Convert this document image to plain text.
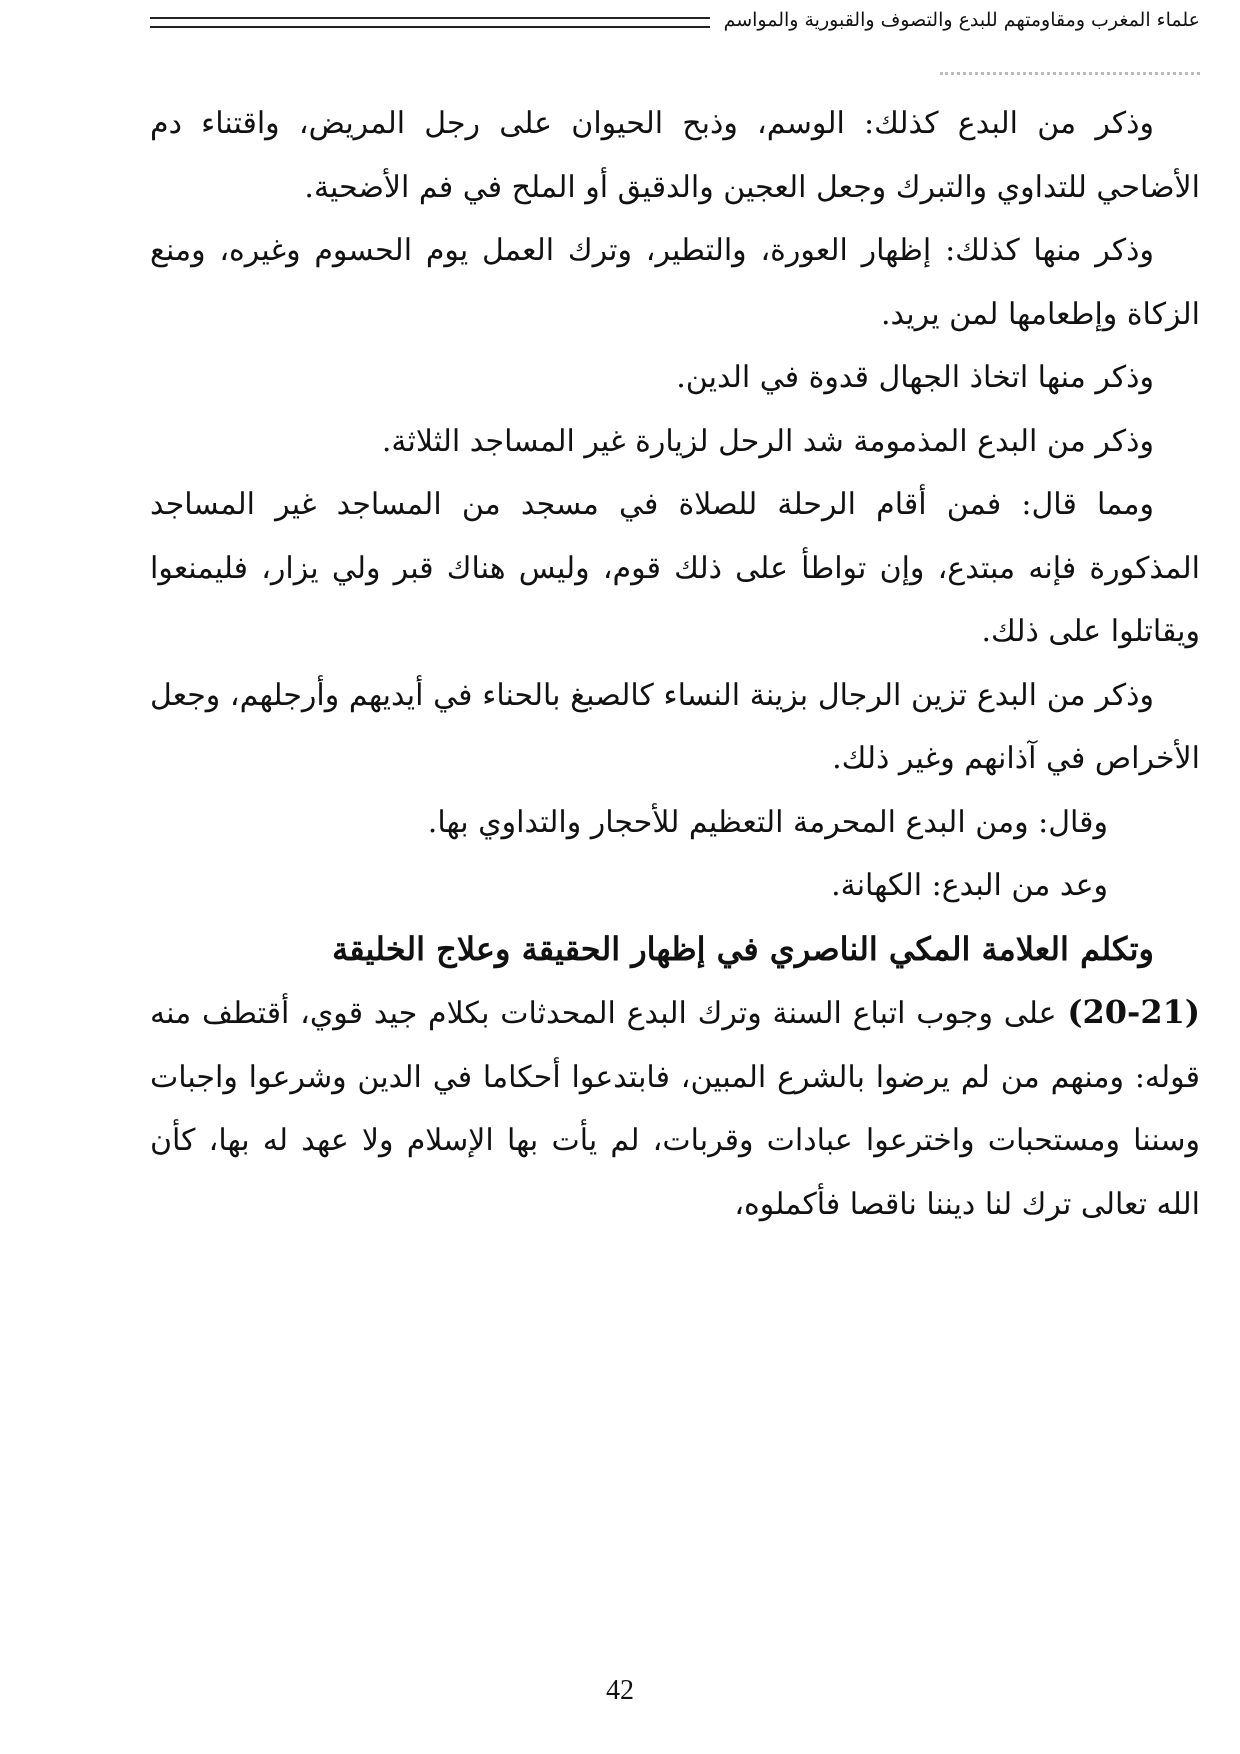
علماء المغرب ومقاومتهم للبدع والتصوف والقبورية والمواسم

وذكر من البدع كذلك: الوسم، وذبح الحيوان على رجل المريض، واقتناء دم الأضاحي للتداوي والتبرك وجعل العجين والدقيق أو الملح في فم الأضحية.

وذكر منها كذلك: إظهار العورة، والتطير، وترك العمل يوم الحسوم وغيره، ومنع الزكاة وإطعامها لمن يريد.

وذكر منها اتخاذ الجهال قدوة في الدين.

وذكر من البدع المذمومة شد الرحل لزيارة غير المساجد الثلاثة.

ومما قال: فمن أقام الرحلة للصلاة في مسجد من المساجد غير المساجد المذكورة فإنه مبتدع، وإن تواطأ على ذلك قوم، وليس هناك قبر ولي يزار، فليمنعوا ويقاتلوا على ذلك.

وذكر من البدع تزين الرجال بزينة النساء كالصبغ بالحناء في أيديهم وأرجلهم، وجعل الأخراص في آذانهم وغير ذلك.

وقال: ومن البدع المحرمة التعظيم للأحجار والتداوي بها.

وعد من البدع: الكهانة.

وتكلم العلامة المكي الناصري في إظهار الحقيقة وعلاج الخليقة

(20-21) على وجوب اتباع السنة وترك البدع المحدثات بكلام جيد قوي، أقتطف منه قوله: ومنهم من لم يرضوا بالشرع المبين، فابتدعوا أحكاما في الدين وشرعوا واجبات وسننا ومستحبات واخترعوا عبادات وقربات، لم يأت بها الإسلام ولا عهد له بها، كأن الله تعالى ترك لنا ديننا ناقصا فأكملوه،

42
